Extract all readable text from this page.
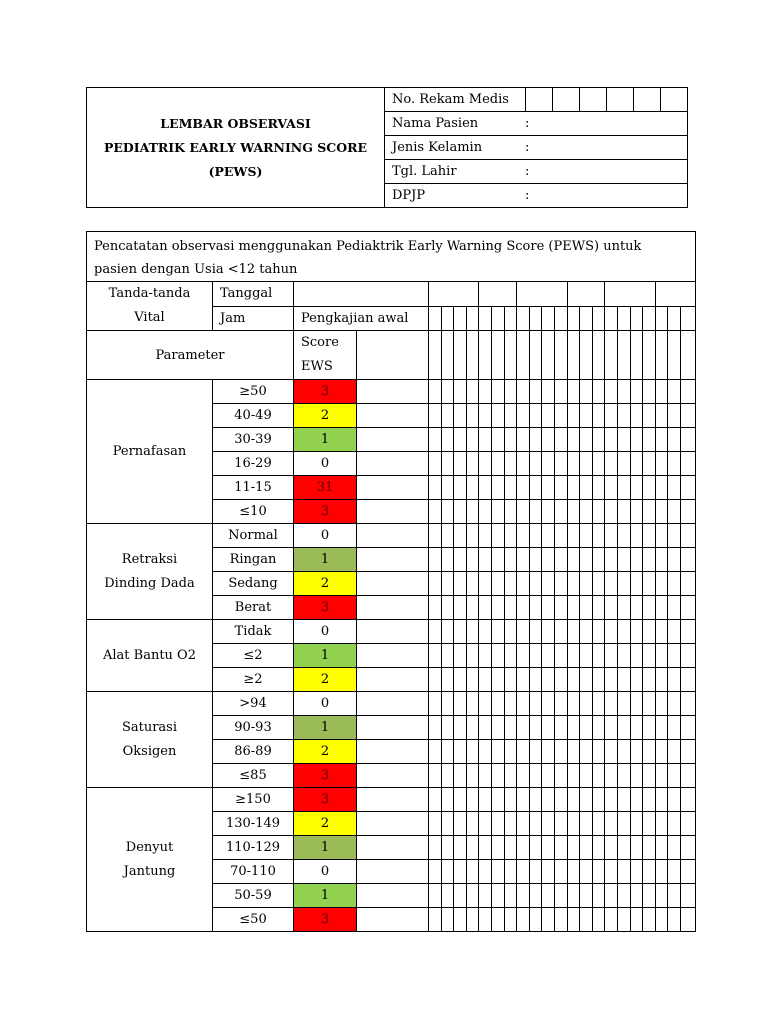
LEMBAR OBSERVASI
PEDIATRIK EARLY WARNING SCORE
(PEWS)
	No. Rekam Medis						
Nama Pasien	:

Jenis Kelamin	:

Tgl. Lahir	:

DPJP	:
Pencatatan observasi menggunakan Pediaktrik Early Warning Score (PEWS) untuk pasien dengan Usia <12 tahun																								

Tanda-tanda
Vital	Tanggal																							
	Jam	Pengkajian awal																						
Parameter		Score
EWS																						

Pernafasan	≥50	3																						
	40-49	2																						
	30-39	1																						
	16-29	0																						
	11-15	31																						
	≤10	3																						

Retraksi
Dinding Dada	Normal	0																						
	Ringan	1																						
	Sedang	2																						
	Berat	3																						

Alat Bantu O2	Tidak	0																						
	≤2	1																						
	≥2	2																						

Saturasi
Oksigen	>94	0																						
	90-93	1																						
	86-89	2																						
	≤85	3																						

Denyut
Jantung	≥150	3																						
	130-149	2																						
	110-129	1																						
	70-110	0																						
	50-59	1																						
	≤50	3																						
